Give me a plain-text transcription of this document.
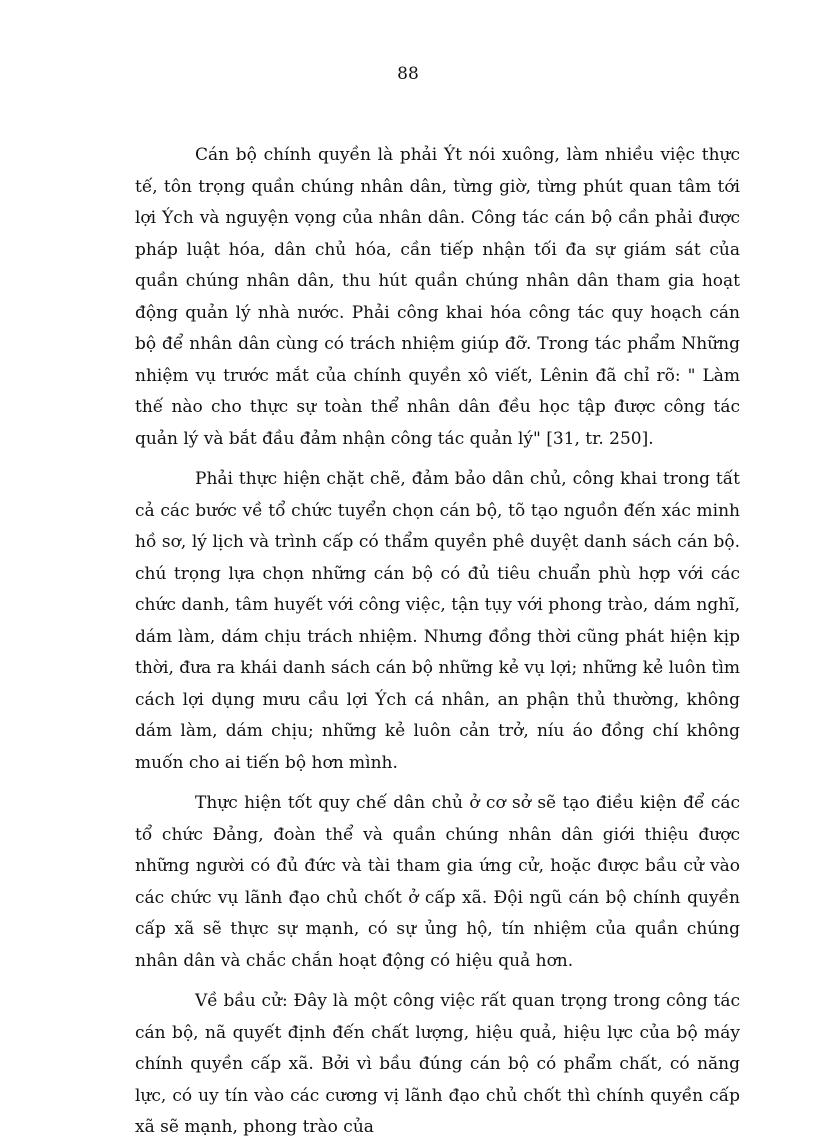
88

Cán bộ chính quyền là phải Ýt nói xuông, làm nhiều việc thực tế, tôn trọng quần chúng nhân dân, từng giờ, từng phút quan tâm tới lợi Ých và nguyện vọng của nhân dân. Công tác cán bộ cần phải được pháp luật hóa, dân chủ hóa, cần tiếp nhận tối đa sự giám sát của quần chúng nhân dân, thu hút quần chúng nhân dân tham gia hoạt động quản lý nhà nước. Phải công khai hóa công tác quy hoạch cán bộ để nhân dân cùng có trách nhiệm giúp đỡ. Trong tác phẩm Những nhiệm vụ trước mắt của chính quyền xô viết, Lênin đã chỉ rõ: " Làm thế nào cho thực sự toàn thể nhân dân đều học tập được công tác quản lý và bắt đầu đảm nhận công tác quản lý" [31, tr. 250].

Phải thực hiện chặt chẽ, đảm bảo dân chủ, công khai trong tất cả các bước về tổ chức tuyển chọn cán bộ, tõ tạo nguồn đến xác minh hồ sơ, lý lịch và trình cấp có thẩm quyền phê duyệt danh sách cán bộ. chú trọng lựa chọn những cán bộ có đủ tiêu chuẩn phù hợp với các chức danh, tâm huyết với công việc, tận tụy với phong trào, dám nghĩ, dám làm, dám chịu trách nhiệm. Nhưng đồng thời cũng phát hiện kịp thời, đưa ra khái danh sách cán bộ những kẻ vụ lợi; những kẻ luôn tìm cách lợi dụng mưu cầu lợi Ých cá nhân, an phận thủ thường, không dám làm, dám chịu; những kẻ luôn cản trở, níu áo đồng chí không muốn cho ai tiến bộ hơn mình.

Thực hiện tốt quy chế dân chủ ở cơ sở sẽ tạo điều kiện để các tổ chức Đảng, đoàn thể và quần chúng nhân dân giới thiệu được những người có đủ đức và tài tham gia ứng cử, hoặc được bầu cử vào các chức vụ lãnh đạo chủ chốt ở cấp xã. Đội ngũ cán bộ chính quyền cấp xã sẽ thực sự mạnh, có sự ủng hộ, tín nhiệm của quần chúng nhân dân và chắc chắn hoạt động có hiệu quả hơn.

Về bầu cử: Đây là một công việc rất quan trọng trong công tác cán bộ, nã quyết định đến chất lượng, hiệu quả, hiệu lực của bộ máy chính quyền cấp xã. Bởi vì bầu đúng cán bộ có phẩm chất, có năng lực, có uy tín vào các cương vị lãnh đạo chủ chốt thì chính quyền cấp xã sẽ mạnh, phong trào của
